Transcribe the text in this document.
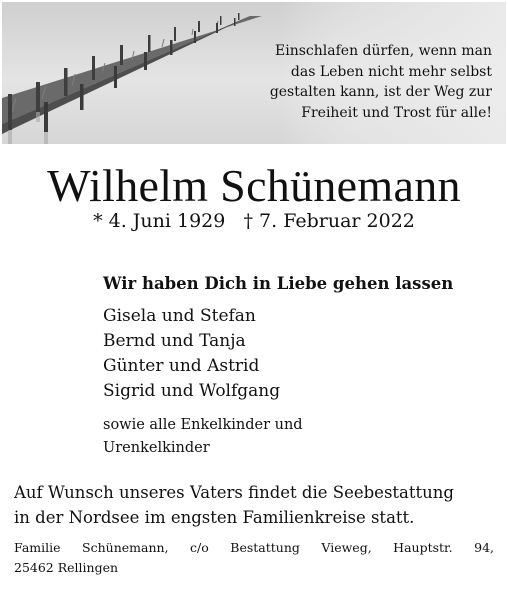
Einschlafen dürfen, wenn man
das Leben nicht mehr selbst
gestalten kann, ist der Weg zur
Freiheit und Trost für alle!
Wilhelm Schünemann
* 4. Juni 1929 † 7. Februar 2022
Wir haben Dich in Liebe gehen lassen
Gisela und Stefan
Bernd und Tanja
Günter und Astrid
Sigrid und Wolfgang
sowie alle Enkelkinder und
Urenkelkinder
Auf Wunsch unseres Vaters findet die Seebestattung
in der Nordsee im engsten Familienkreise statt.
Familie Schünemann, c/o Bestattung Vieweg, Hauptstr. 94,
25462 Rellingen
